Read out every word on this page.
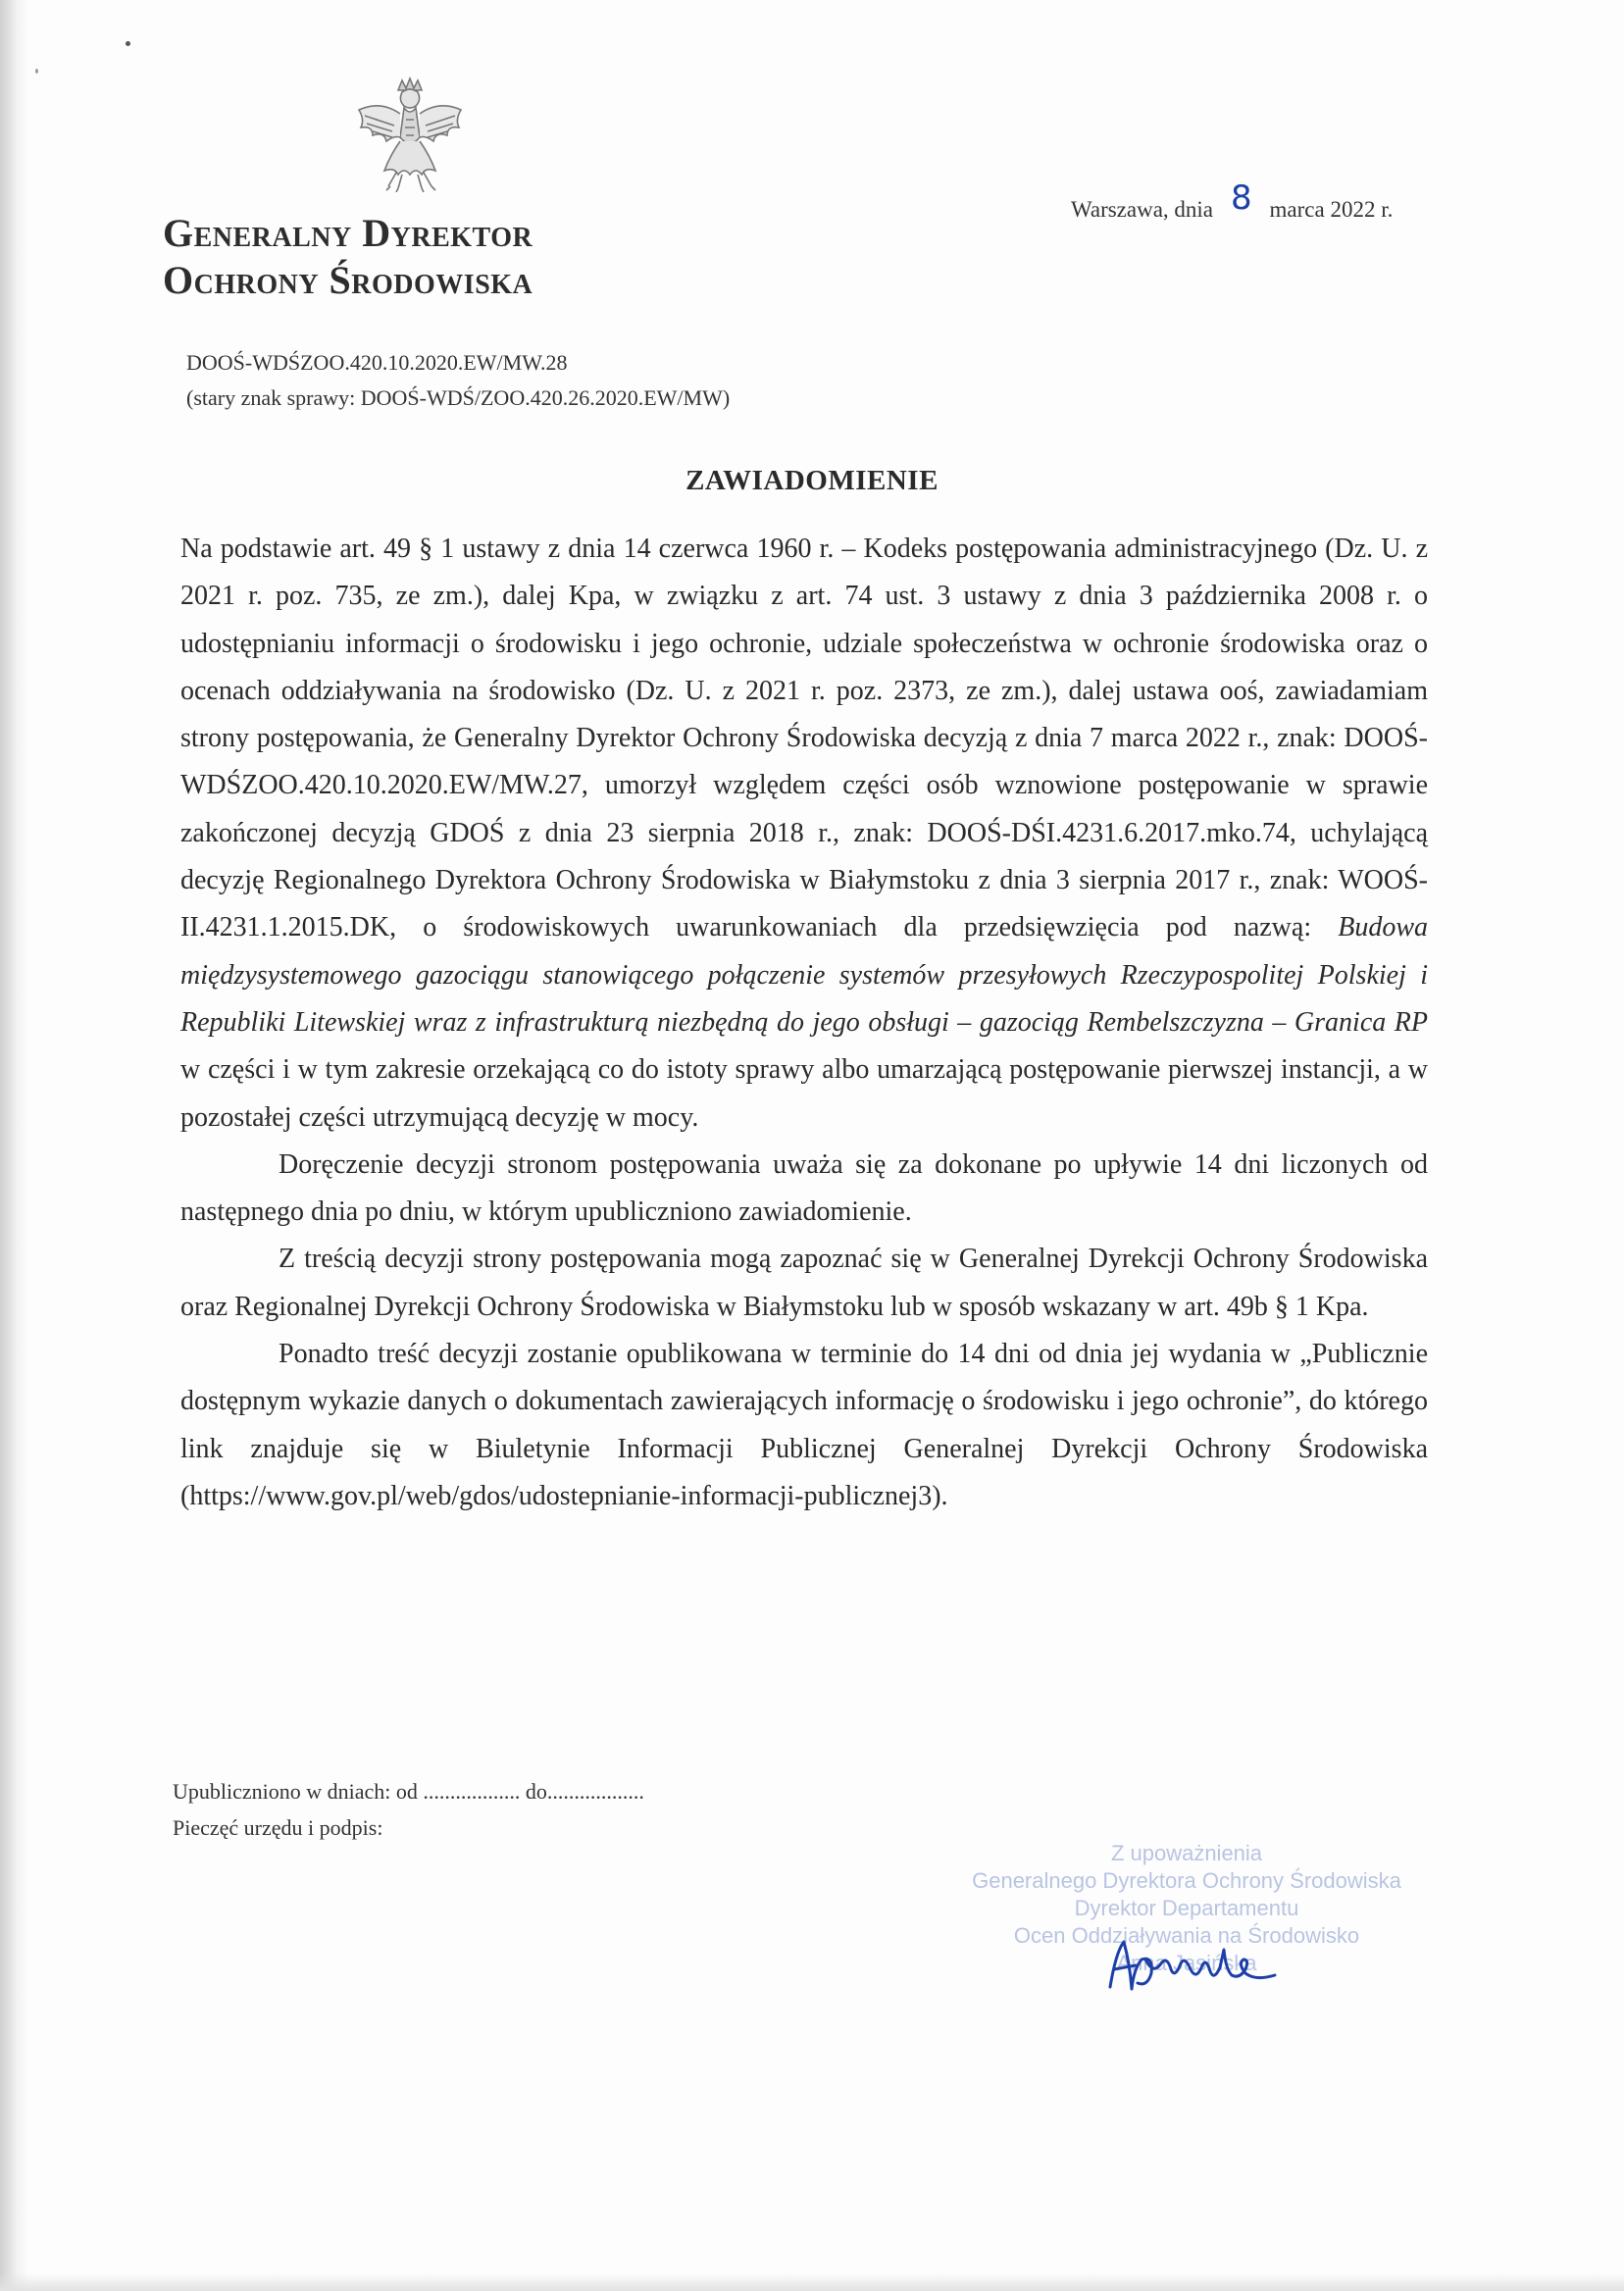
Generalny Dyrektor
Ochrony Środowiska
Warszawa, dnia 8 marca 2022 r.
DOOŚ-WDŚZOO.420.10.2020.EW/MW.28
(stary znak sprawy: DOOŚ-WDŚ/ZOO.420.26.2020.EW/MW)
ZAWIADOMIENIE

Na podstawie art. 49 § 1 ustawy z dnia 14 czerwca 1960 r. – Kodeks postępowania administracyjnego (Dz. U. z 2021 r. poz. 735, ze zm.), dalej Kpa, w związku z art. 74 ust. 3 ustawy z dnia 3 października 2008 r. o udostępnianiu informacji o środowisku i jego ochronie, udziale społeczeństwa w ochronie środowiska oraz o ocenach oddziaływania na środowisko (Dz. U. z 2021 r. poz. 2373, ze zm.), dalej ustawa ooś, zawiadamiam strony postępowania, że Generalny Dyrektor Ochrony Środowiska decyzją z dnia 7 marca 2022 r., znak: DOOŚ-WDŚZOO.420.10.2020.EW/MW.27, umorzył względem części osób wznowione postępowanie w sprawie zakończonej decyzją GDOŚ z dnia 23 sierpnia 2018 r., znak: DOOŚ-DŚI.4231.6.2017.mko.74, uchylającą decyzję Regionalnego Dyrektora Ochrony Środowiska w Białymstoku z dnia 3 sierpnia 2017 r., znak: WOOŚ-II.4231.1.2015.DK, o środowiskowych uwarunkowaniach dla przedsięwzięcia pod nazwą: Budowa międzysystemowego gazociągu stanowiącego połączenie systemów przesyłowych Rzeczypospolitej Polskiej i Republiki Litewskiej wraz z infrastrukturą niezbędną do jego obsługi – gazociąg Rembelszczyzna – Granica RP w części i w tym zakresie orzekającą co do istoty sprawy albo umarzającą postępowanie pierwszej instancji, a w pozostałej części utrzymującą decyzję w mocy.

Doręczenie decyzji stronom postępowania uważa się za dokonane po upływie 14 dni liczonych od następnego dnia po dniu, w którym upubliczniono zawiadomienie.

Z treścią decyzji strony postępowania mogą zapoznać się w Generalnej Dyrekcji Ochrony Środowiska oraz Regionalnej Dyrekcji Ochrony Środowiska w Białymstoku lub w sposób wskazany w art. 49b § 1 Kpa.

Ponadto treść decyzji zostanie opublikowana w terminie do 14 dni od dnia jej wydania w „Publicznie dostępnym wykazie danych o dokumentach zawierających informację o środowisku i jego ochronie”, do którego link znajduje się w Biuletynie Informacji Publicznej Generalnej Dyrekcji Ochrony Środowiska (https://www.gov.pl/web/gdos/udostepnianie-informacji-publicznej3).

Upubliczniono w dniach: od .................. do..................
Pieczęć urzędu i podpis:
Z upoważnienia
Generalnego Dyrektora Ochrony Środowiska
Dyrektor Departamentu
Ocen Oddziaływania na Środowisko
Anna Jasińska
